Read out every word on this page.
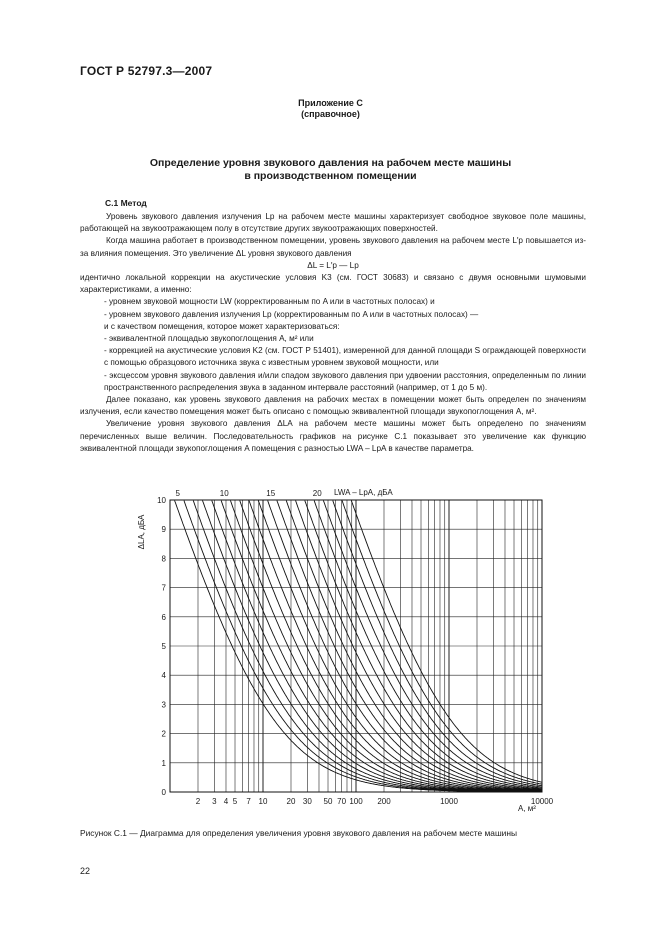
ГОСТ Р 52797.3—2007
Приложение С
(справочное)
Определение уровня звукового давления на рабочем месте машины
в производственном помещении
С.1 Метод

Уровень звукового давления излучения Lp на рабочем месте машины характеризует свободное звуковое поле машины, работающей на звукоотражающем полу в отсутствие других звукоотражающих поверхностей.

Когда машина работает в производственном помещении, уровень звукового давления на рабочем месте L′p повышается из-за влияния помещения. Это увеличение ΔL уровня звукового давления

ΔL = L′p — Lp

идентично локальной коррекции на акустические условия K3 (см. ГОСТ 30683) и связано с двумя основными шумовыми характеристиками, а именно:

- уровнем звуковой мощности LW (корректированным по A или в частотных полосах) и

- уровнем звукового давления излучения Lp (корректированным по A или в частотных полосах) —

и с качеством помещения, которое может характеризоваться:

- эквивалентной площадью звукопоглощения A, м² или

- коррекцией на акустические условия K2 (см. ГОСТ Р 51401), измеренной для данной площади S ограждающей поверхности с помощью образцового источника звука с известным уровнем звуковой мощности, или

- эксцессом уровня звукового давления и/или спадом звукового давления при удвоении расстояния, определенным по линии пространственного распределения звука в заданном интервале расстояний (например, от 1 до 5 м).

Далее показано, как уровень звукового давления на рабочих местах в помещении может быть определен по значениям излучения, если качество помещения может быть описано с помощью эквивалентной площади звукопоглощения A, м².

Увеличение уровня звукового давления ΔLA на рабочем месте машины может быть определено по значениям перечисленных выше величин. Последовательность графиков на рисунке С.1 показывает это увеличение как функцию эквивалентной площади звукопоглощения A помещения с разностью LWA – LpA в качестве параметра.

0
1
2
3
4
5
6
7
8
9
10
2 3 4 5 7 10 20 30 50 70 100 200	1000	10000
5	10	15	20
ΔLA, дБА
LWA – LpA, дБА
A, м²
Рисунок С.1 — Диаграмма для определения увеличения уровня звукового давления на рабочем месте машины
22
